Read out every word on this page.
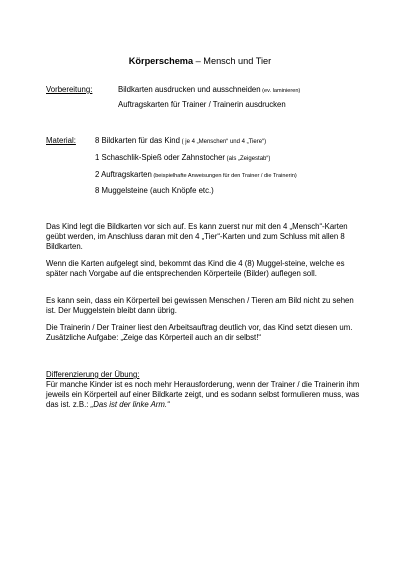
Körperschema – Mensch und Tier
Vorbereitung:	Bildkarten ausdrucken und ausschneiden (ev. laminieren)
Auftragskarten für Trainer / Trainerin ausdrucken
Material: 8 Bildkarten für das Kind ( je 4 „Menschen“ und 4 „Tiere“)
1 Schaschlik-Spieß oder Zahnstocher (als „Zeigestab“)
2 Auftragskarten (beispielhafte Anweisungen für den Trainer / die Trainerin)
8 Muggelsteine (auch Knöpfe etc.)

Das Kind legt die Bildkarten vor sich auf. Es kann zuerst nur mit den 4 „Mensch“-Karten geübt werden, im Anschluss daran mit den 4 „Tier“-Karten und zum Schluss mit allen 8 Bildkarten.

Wenn die Karten aufgelegt sind, bekommt das Kind die 4 (8) Muggel-steine, welche es später nach Vorgabe auf die entsprechenden Körperteile (Bilder) auflegen soll.

Es kann sein, dass ein Körperteil bei gewissen Menschen / Tieren am Bild nicht zu sehen ist. Der Muggelstein bleibt dann übrig.

Die Trainerin / Der Trainer liest den Arbeitsauftrag deutlich vor, das Kind setzt diesen um. Zusätzliche Aufgabe: „Zeige das Körperteil auch an dir selbst!“

Differenzierung der Übung:

Für manche Kinder ist es noch mehr Herausforderung, wenn der Trainer / die Trainerin ihm jeweils ein Körperteil auf einer Bildkarte zeigt, und es sodann selbst formulieren muss, was das ist. z.B.: „Das ist der linke Arm.“
